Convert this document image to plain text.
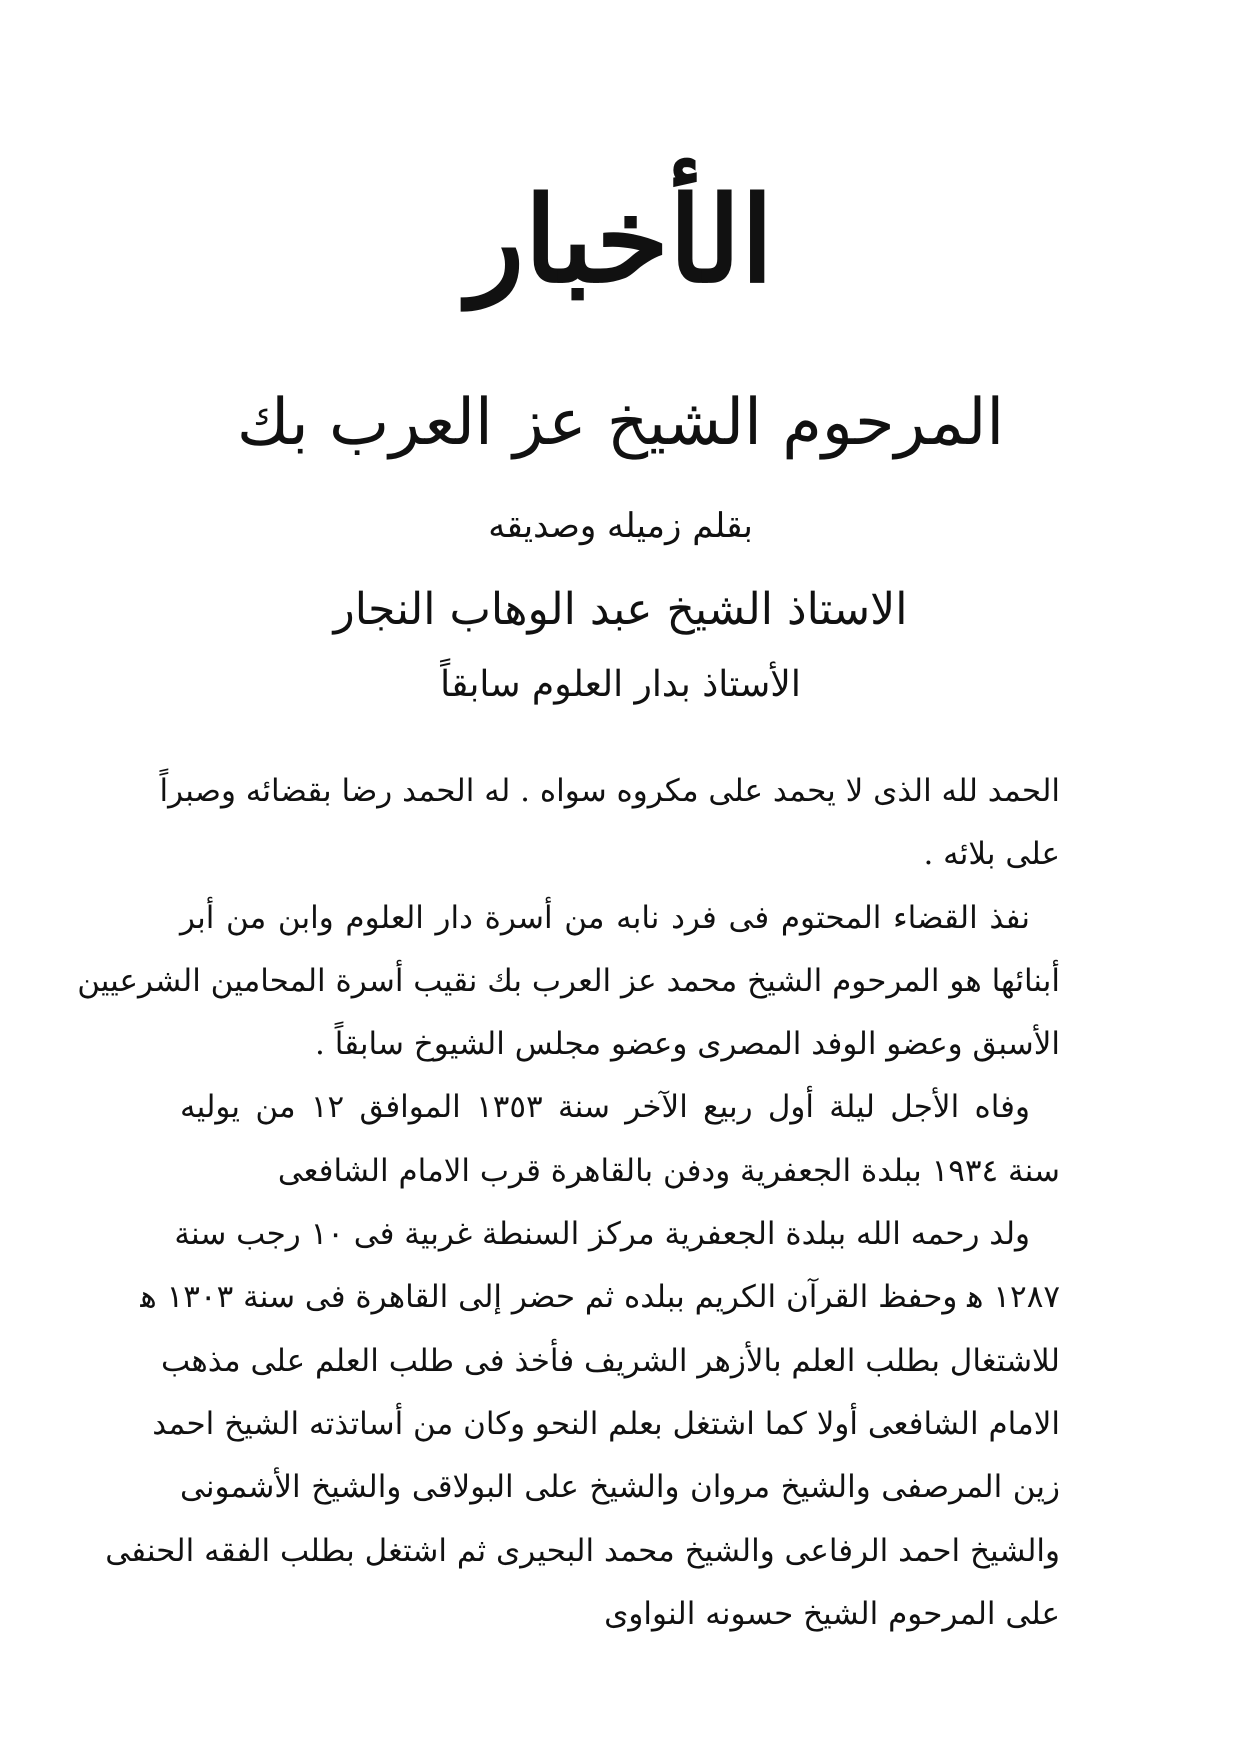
الأخبار
المرحوم الشيخ عز العرب بك
بقلم زميله وصديقه
الاستاذ الشيخ عبد الوهاب النجار
الأستاذ بدار العلوم سابقاً
الحمد لله الذى لا يحمد على مكروه سواه . له الحمد رضا بقضائه وصبراً
على بلائه .
نفذ القضاء المحتوم فى فرد نابه من أسرة دار العلوم وابن من أبر
أبنائها هو المرحوم الشيخ محمد عز العرب بك نقيب أسرة المحامين الشرعيين
الأسبق وعضو الوفد المصرى وعضو مجلس الشيوخ سابقاً .
وفاه الأجل ليلة أول ربيع الآخر سنة ١٣٥٣ الموافق ١٢ من يوليه
سنة ١٩٣٤ ببلدة الجعفرية ودفن بالقاهرة قرب الامام الشافعى
ولد رحمه الله ببلدة الجعفرية مركز السنطة غربية فى ١٠ رجب سنة
١٢٨٧ ﻫ وحفظ القرآن الكريم ببلده ثم حضر إلى القاهرة فى سنة ١٣٠٣ ﻫ
للاشتغال بطلب العلم بالأزهر الشريف فأخذ فى طلب العلم على مذهب
الامام الشافعى أولا كما اشتغل بعلم النحو وكان من أساتذته الشيخ احمد
زين المرصفى والشيخ مروان والشيخ على البولاقى والشيخ الأشمونى
والشيخ احمد الرفاعى والشيخ محمد البحيرى ثم اشتغل بطلب الفقه الحنفى
على المرحوم الشيخ حسونه النواوى
